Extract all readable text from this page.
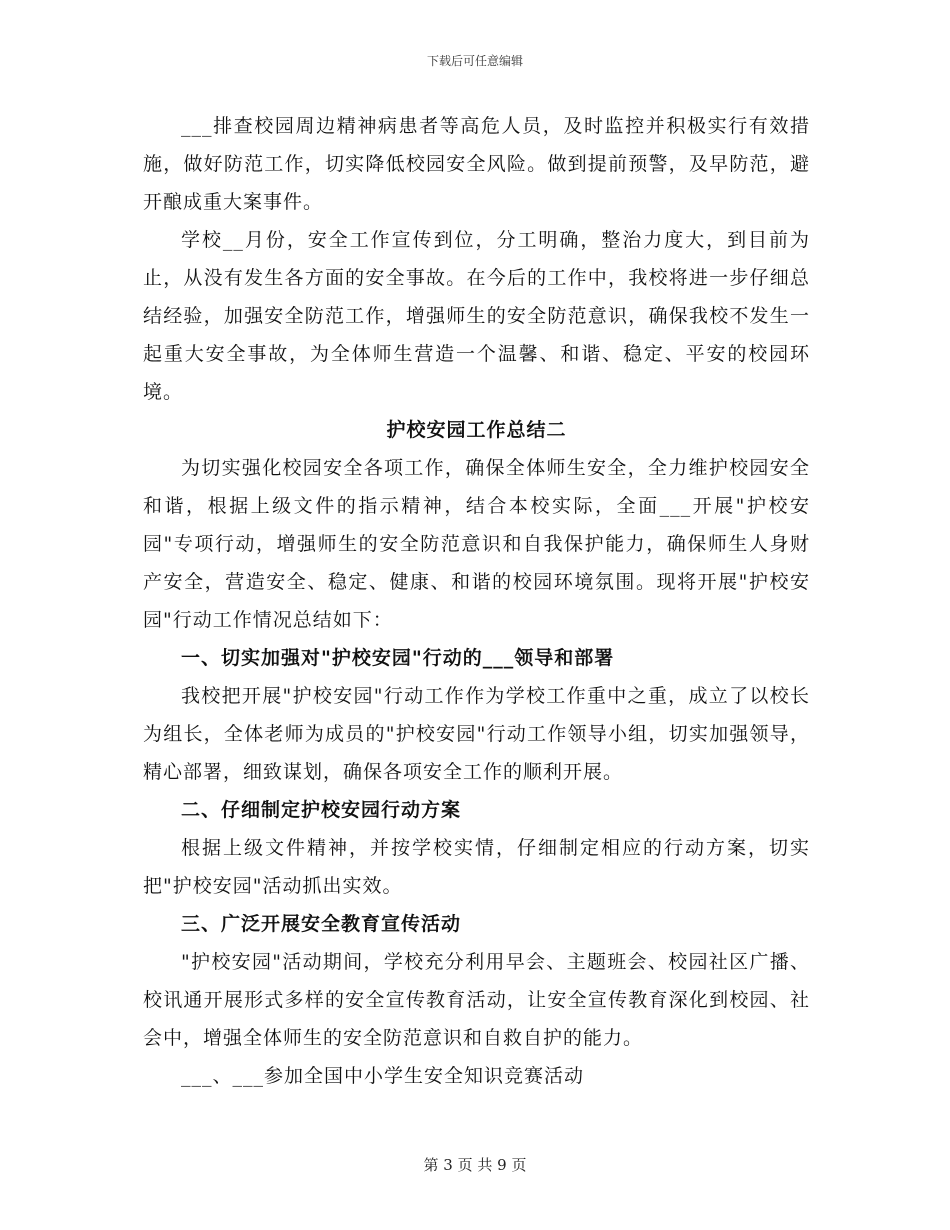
下载后可任意编辑

___排查校园周边精神病患者等高危人员，及时监控并积极实行有效措施，做好防范工作，切实降低校园安全风险。做到提前预警，及早防范，避开酿成重大案事件。

学校__月份，安全工作宣传到位，分工明确，整治力度大，到目前为止，从没有发生各方面的安全事故。在今后的工作中，我校将进一步仔细总结经验，加强安全防范工作，增强师生的安全防范意识，确保我校不发生一起重大安全事故，为全体师生营造一个温馨、和谐、稳定、平安的校园环境。

护校安园工作总结二

为切实强化校园安全各项工作，确保全体师生安全，全力维护校园安全和谐，根据上级文件的指示精神，结合本校实际，全面___开展"护校安园"专项行动，增强师生的安全防范意识和自我保护能力，确保师生人身财产安全，营造安全、稳定、健康、和谐的校园环境氛围。现将开展"护校安园"行动工作情况总结如下：

一、切实加强对"护校安园"行动的___领导和部署

我校把开展"护校安园"行动工作作为学校工作重中之重，成立了以校长为组长，全体老师为成员的"护校安园"行动工作领导小组，切实加强领导，精心部署，细致谋划，确保各项安全工作的顺利开展。

二、仔细制定护校安园行动方案

根据上级文件精神，并按学校实情，仔细制定相应的行动方案，切实把"护校安园"活动抓出实效。

三、广泛开展安全教育宣传活动

"护校安园"活动期间，学校充分利用早会、主题班会、校园社区广播、校讯通开展形式多样的安全宣传教育活动，让安全宣传教育深化到校园、社会中，增强全体师生的安全防范意识和自救自护的能力。

___、___参加全国中小学生安全知识竞赛活动

第 3 页 共 9 页
